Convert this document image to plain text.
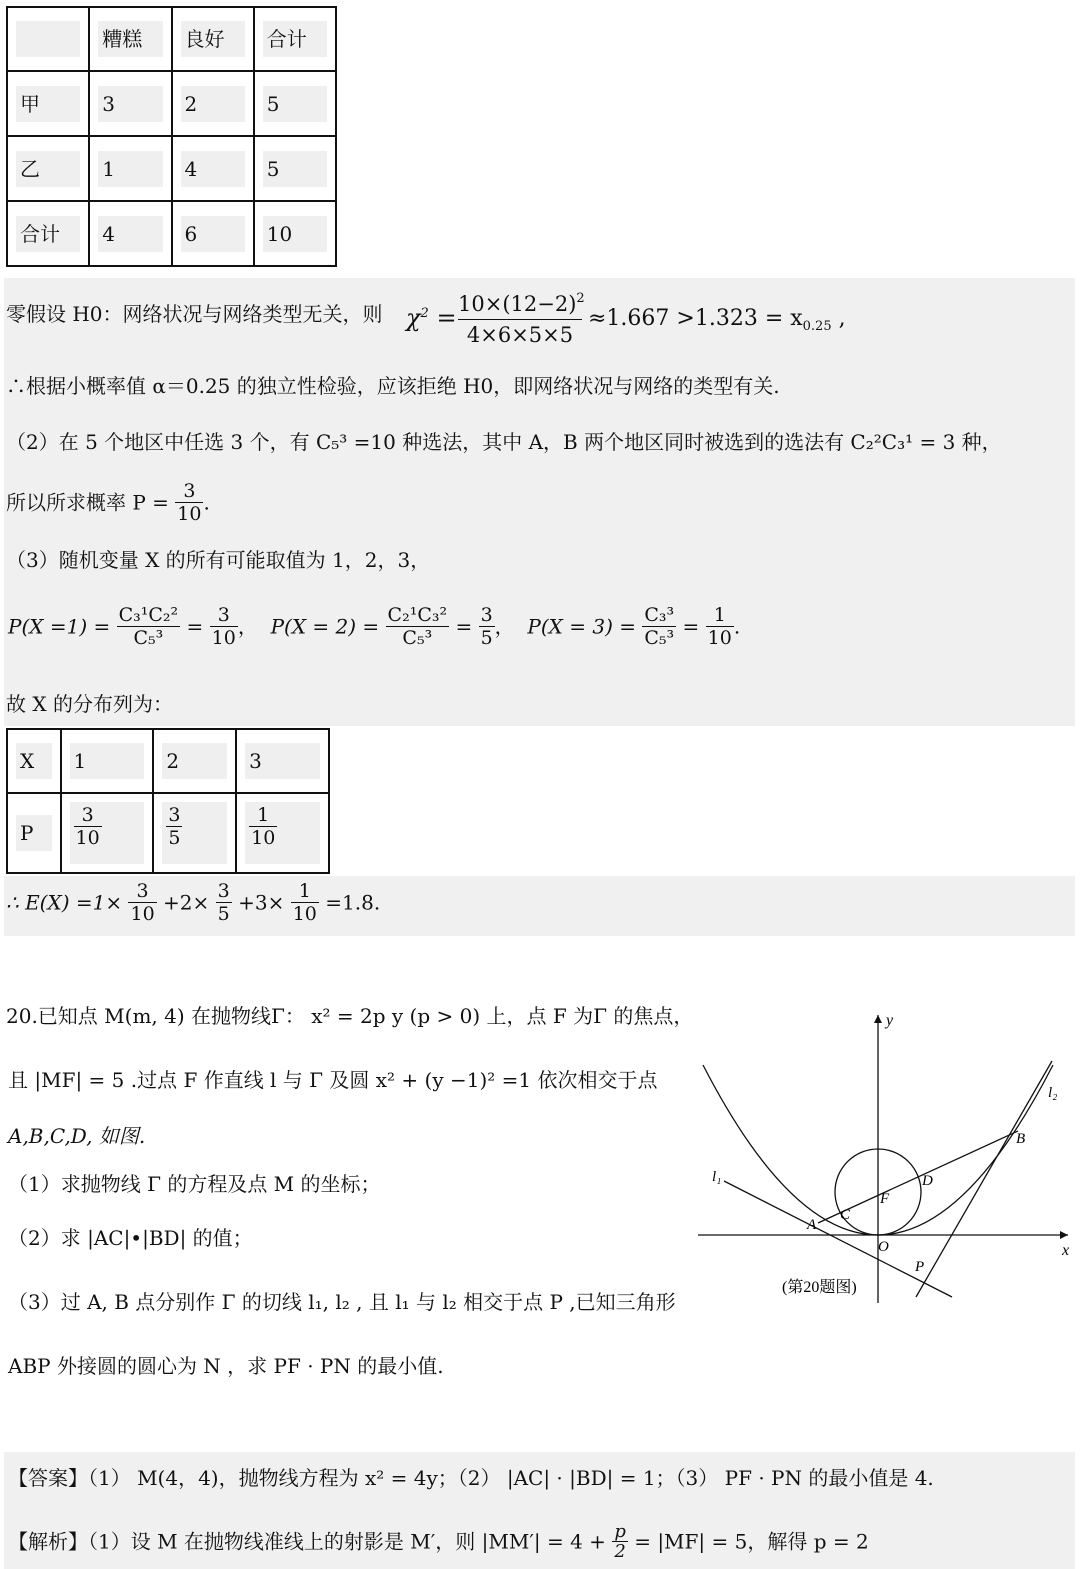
	糟糕	良好	合计

甲	3	2	5

乙	1	4	5

合计	4	6	10
零假设 H0：网络状况与网络类型无关，则 $\chi^2 = 10\times(12-2)^2$
4×6×5×5
$\approx 1.667 >1.323 = x_{0.25}$ ,
∴根据小概率值 α＝0.25 的独立性检验，应该拒绝 H0，即网络状况与网络的类型有关.
（2）在 5 个地区中任选 3 个，有 C₅³ =10 种选法，其中 A，B 两个地区同时被选到的选法有 C₂²C₃¹ = 3 种，
所以所求概率 $P = \frac{3}{10}$ .
（3）随机变量 X 的所有可能取值为 1，2，3，
$P(X =1) = \frac{\text{C₃¹C₂²}}{\text{C₅³}} = \frac{3}{10}$ ，  $P(X = 2) = \frac{\text{C₂¹C₃²}}{\text{C₅³}} = \frac{3}{5}$ ，  $P(X = 3) = \frac{\text{C₃³}}{\text{C₅³}} = \frac{1}{10}$ .
故 X 的分布列为：
X	1	2	3

P	$\frac{3}{10}$	$\frac{3}{5}$	$\frac{1}{10}$
∴ $E(X) =1\times \frac{3}{10} +2\times \frac{3}{5} +3\times \frac{1}{10} =1.8$.
20.已知点 M(m, 4) 在抛物线Γ： x² = 2p y (p > 0) 上，点 F 为Γ 的焦点，
且 |MF| = 5 .过点 F 作直线 l 与 Γ 及圆 x² + (y −1)² =1 依次相交于点
A,B,C,D, 如图.
（1）求抛物线 Γ 的方程及点 M 的坐标；
（2）求 |AC|•|BD| 的值；
（3）过 A, B 点分别作 Γ 的切线 l₁, l₂ , 且 l₁ 与 l₂ 相交于点 P ,已知三角形
ABP 外接圆的圆心为 N ，求 PF · PN 的最小值.
y
x
l₁
l₂
A
B
C
D
F
O
P
(第20题图)
【答案】（1） M(4，4)，抛物线方程为 x² = 4y；（2） |AC| · |BD| = 1；（3） PF · PN 的最小值是 4.
【解析】（1）设 M 在抛物线准线上的射影是 M′，则 $|MM'| = 4 + \frac{p}{2} = |MF| = 5$，解得 p = 2
